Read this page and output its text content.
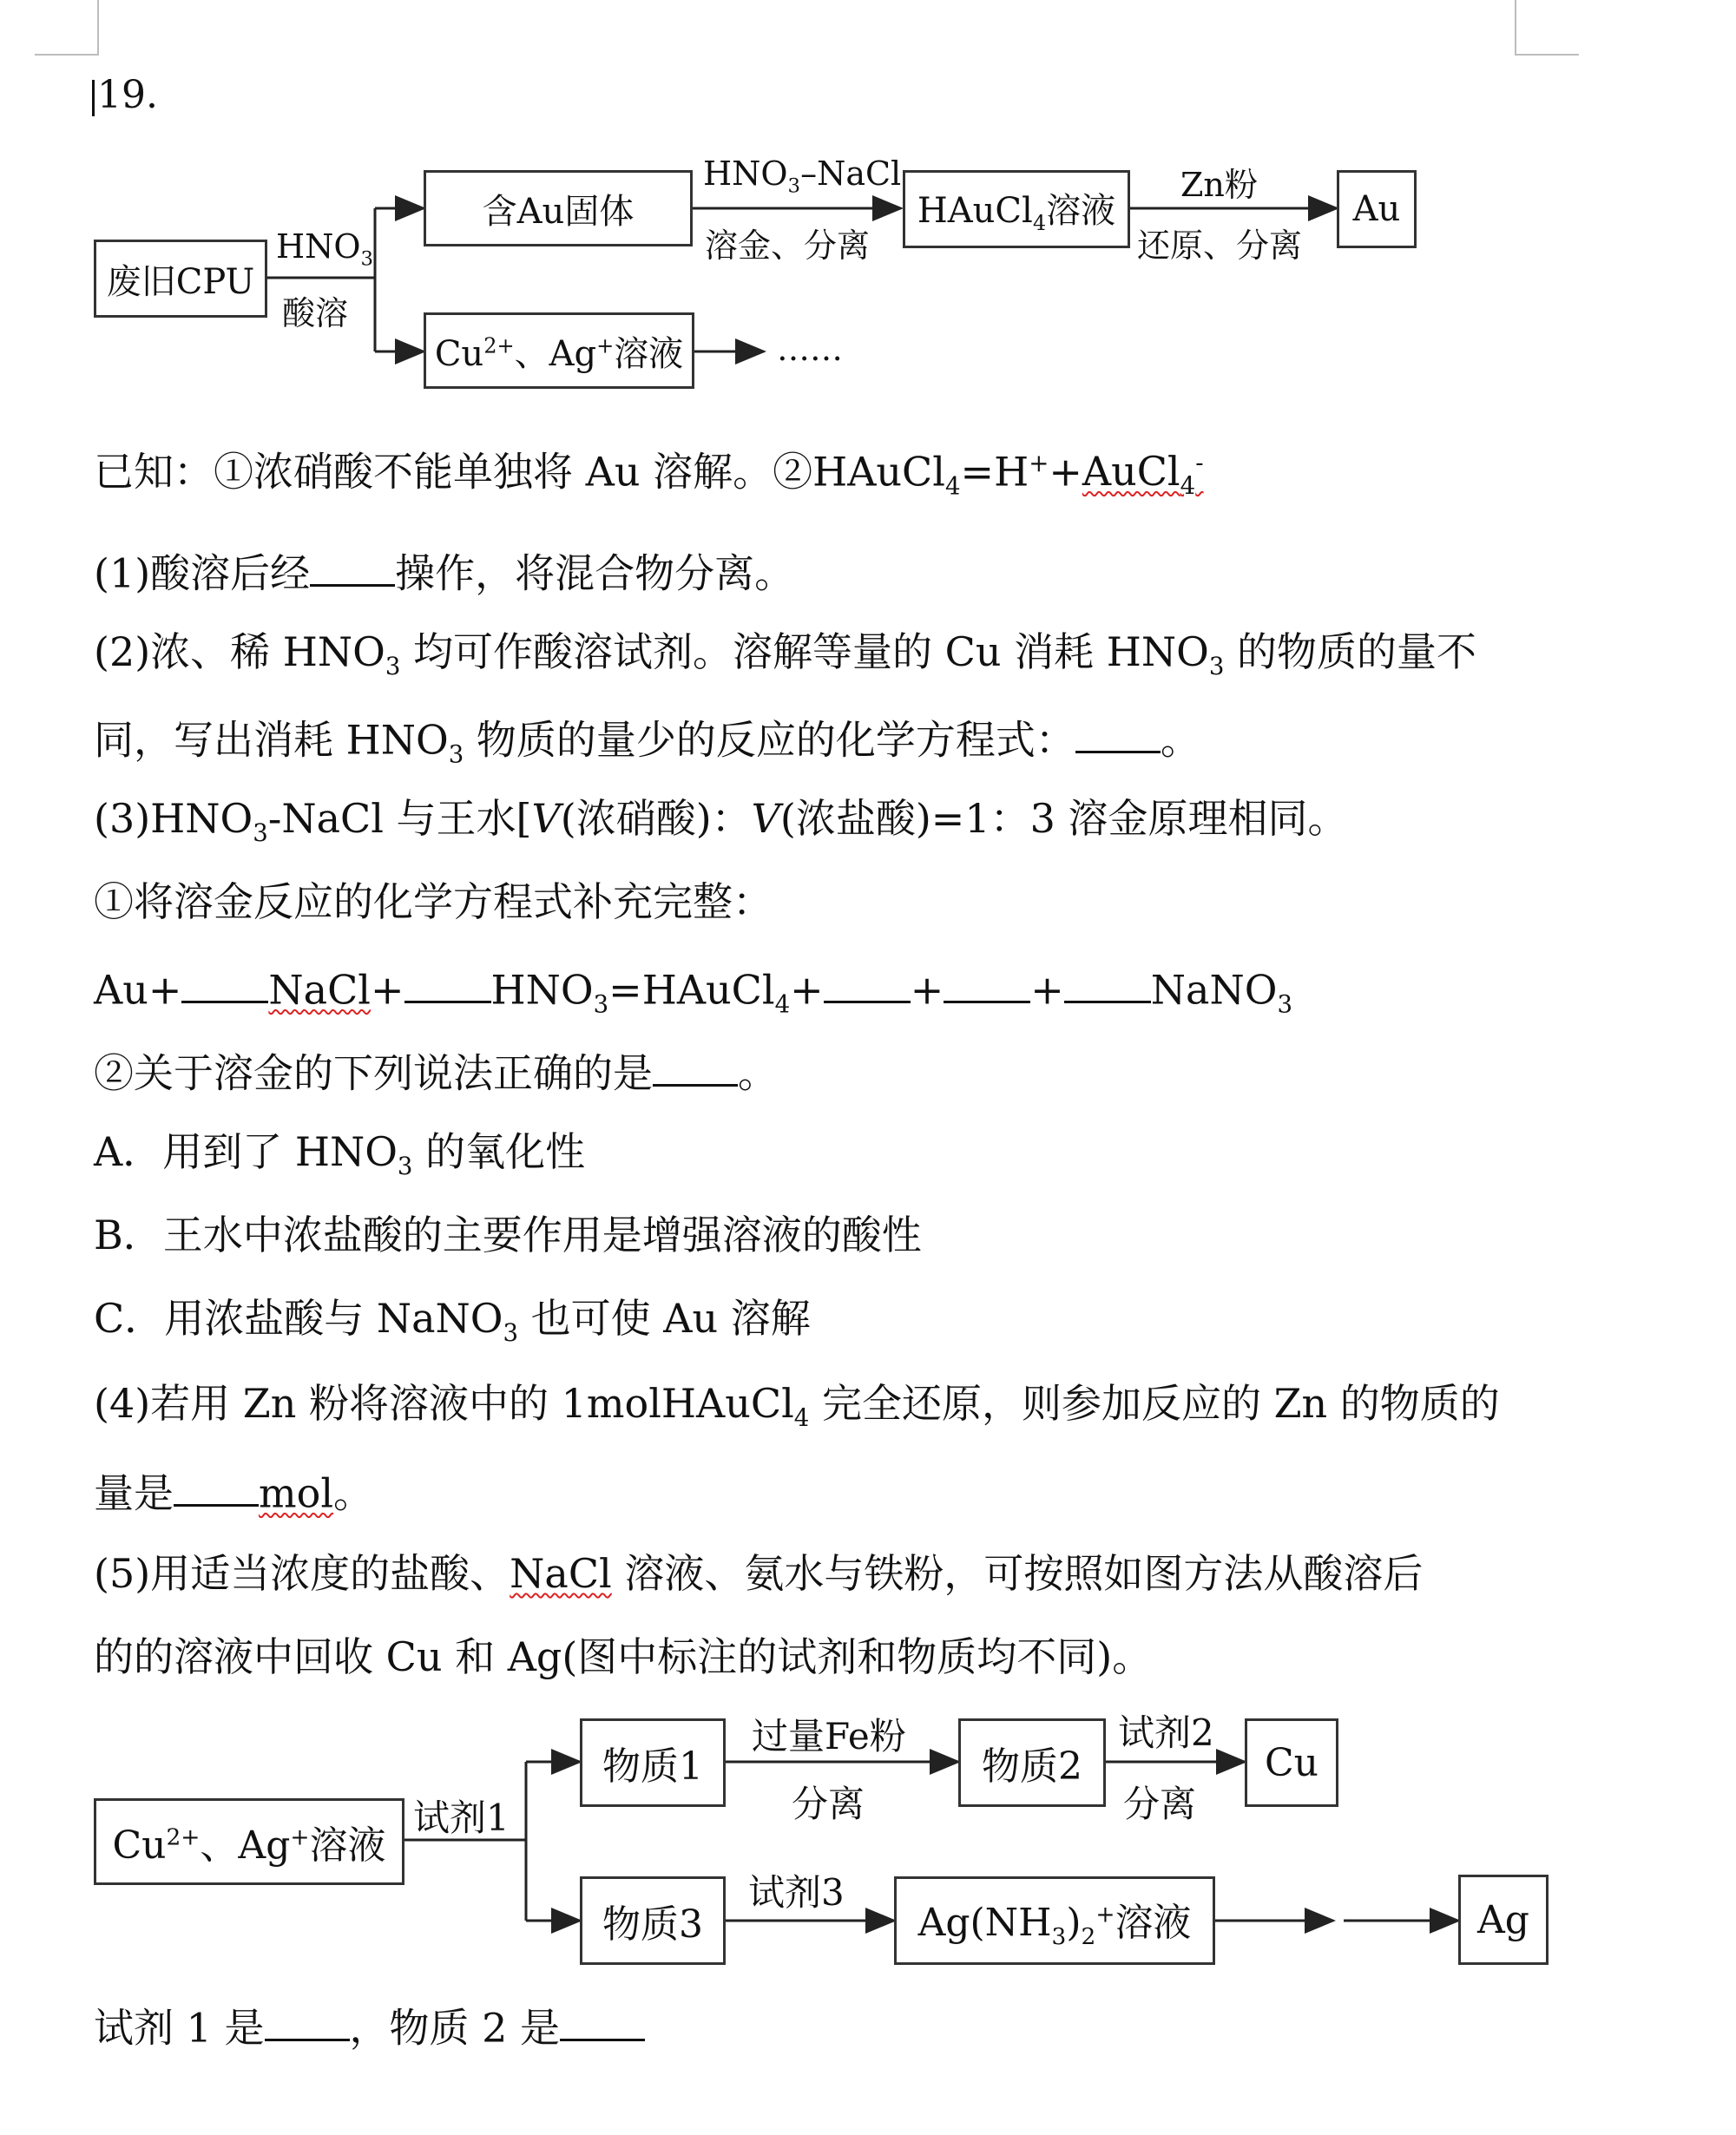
19.
废旧CPU
$HNO_3$
酸溶
含Au固体
$Cu^{2+}$、Ag+溶液	……
$HNO_3$–NaCl
溶金、分离
HAuCl$_4$溶液
Zn粉
还原、分离
Au
已知：①浓硝酸不能单独将 Au 溶解。②HAuCl$_4$=H++AuCl$_4$-
(1)酸溶后经 操作，将混合物分离。
(2)浓、稀 $HNO_3$ 均可作酸溶试剂。溶解等量的 Cu 消耗 $HNO_3$ 的物质的量不
同，写出消耗 $HNO_3$ 物质的量少的反应的化学方程式： 。
$(3)HNO_3$-NaCl 与王水[V(浓硝酸)：V(浓盐酸)=1：3 溶金原理相同。
①将溶金反应的化学方程式补充完整：
Au+ NaCl+ $HNO_3=HAuCl_4+$ + + NaNO$_3$
②关于溶金的下列说法正确的是 。
A．用到了 $HNO_3$ 的氧化性
B．王水中浓盐酸的主要作用是增强溶液的酸性
C．用浓盐酸与 NaNO$_3$ 也可使 Au 溶解
(4)若用 Zn 粉将溶液中的 1molHAuCl$_4$ 完全还原，则参加反应的 Zn 的物质的
量是 mol。
(5)用适当浓度的盐酸、NaCl 溶液、氨水与铁粉，可按照如图方法从酸溶后
的的溶液中回收 Cu 和 Ag(图中标注的试剂和物质均不同)。
$Cu^{2+}$、Ag+溶液
试剂1
物质1
过量Fe粉
分离
物质2
试剂2
分离
Cu
物质3
试剂3
$Ag(NH_3)_2^+$溶液	Ag
试剂 1 是 ，物质 2 是
